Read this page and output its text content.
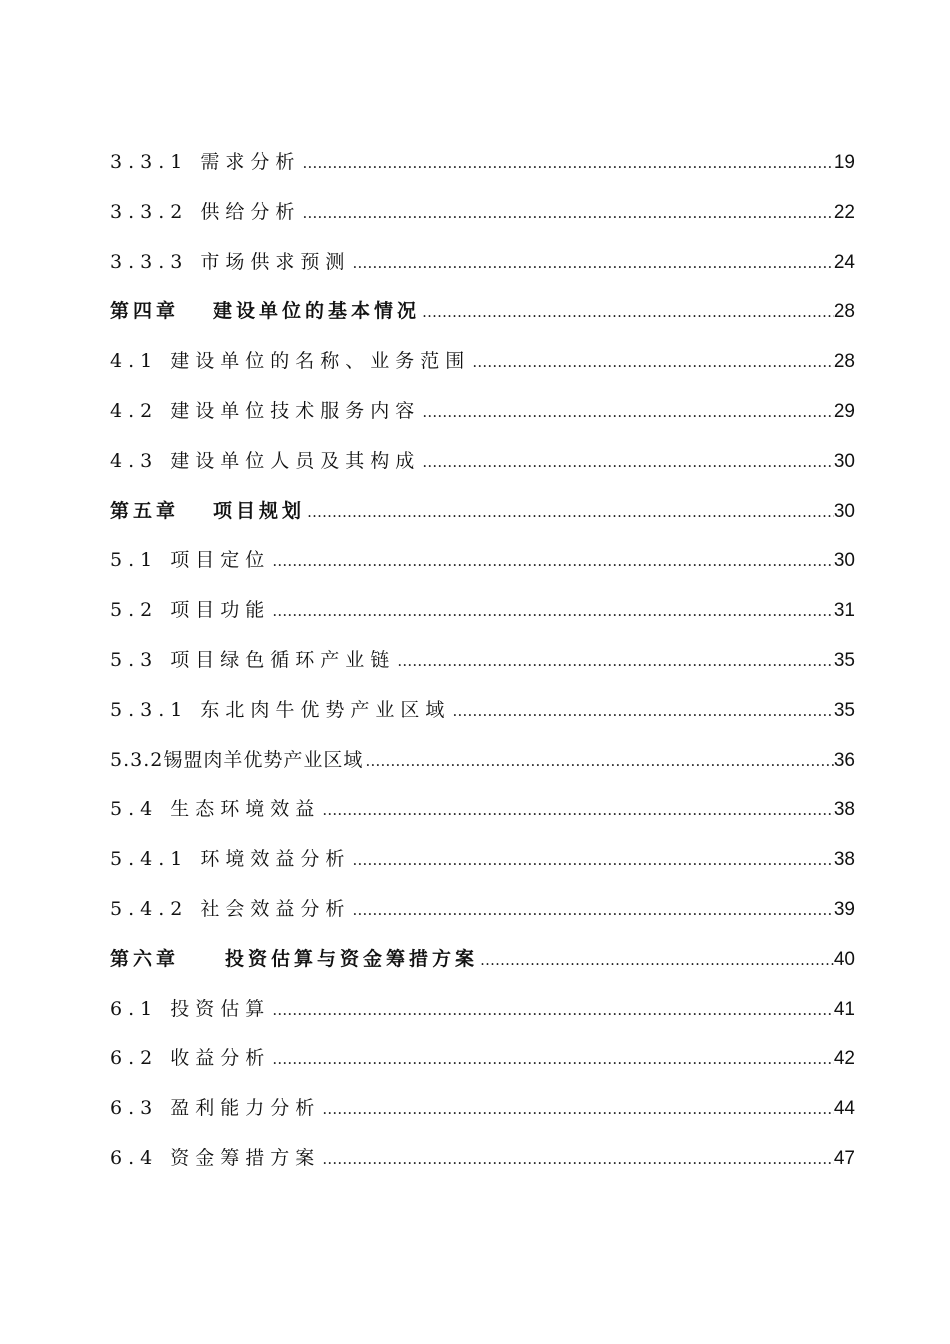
3.3.1 需求分析 …………………………………………………………………………………………………………………………………………	19
3.3.2 供给分析 …………………………………………………………………………………………………………………………………………	22
3.3.3 市场供求预测 …………………………………………………………………………………………………………………………………………	24
第四章 建设单位的基本情况 …………………………………………………………………………………………………………………………………………	28
4.1 建设单位的名称、业务范围 …………………………………………………………………………………………………………………………………………	28
4.2 建设单位技术服务内容 …………………………………………………………………………………………………………………………………………	29
4.3 建设单位人员及其构成 …………………………………………………………………………………………………………………………………………	30
第五章 项目规划 …………………………………………………………………………………………………………………………………………	30
5.1 项目定位 …………………………………………………………………………………………………………………………………………	30
5.2 项目功能 …………………………………………………………………………………………………………………………………………	31
5.3 项目绿色循环产业链 …………………………………………………………………………………………………………………………………………	35
5.3.1 东北肉牛优势产业区域 …………………………………………………………………………………………………………………………………………	35
5.3.2锡盟肉羊优势产业区域 …………………………………………………………………………………………………………………………………………	36
5.4 生态环境效益 …………………………………………………………………………………………………………………………………………	38
5.4.1 环境效益分析 …………………………………………………………………………………………………………………………………………	38
5.4.2 社会效益分析 …………………………………………………………………………………………………………………………………………	39
第六章 投资估算与资金筹措方案 …………………………………………………………………………………………………………………………………………	40
6.1 投资估算 …………………………………………………………………………………………………………………………………………	41
6.2 收益分析 …………………………………………………………………………………………………………………………………………	42
6.3 盈利能力分析 …………………………………………………………………………………………………………………………………………	44
6.4 资金筹措方案 …………………………………………………………………………………………………………………………………………	47
